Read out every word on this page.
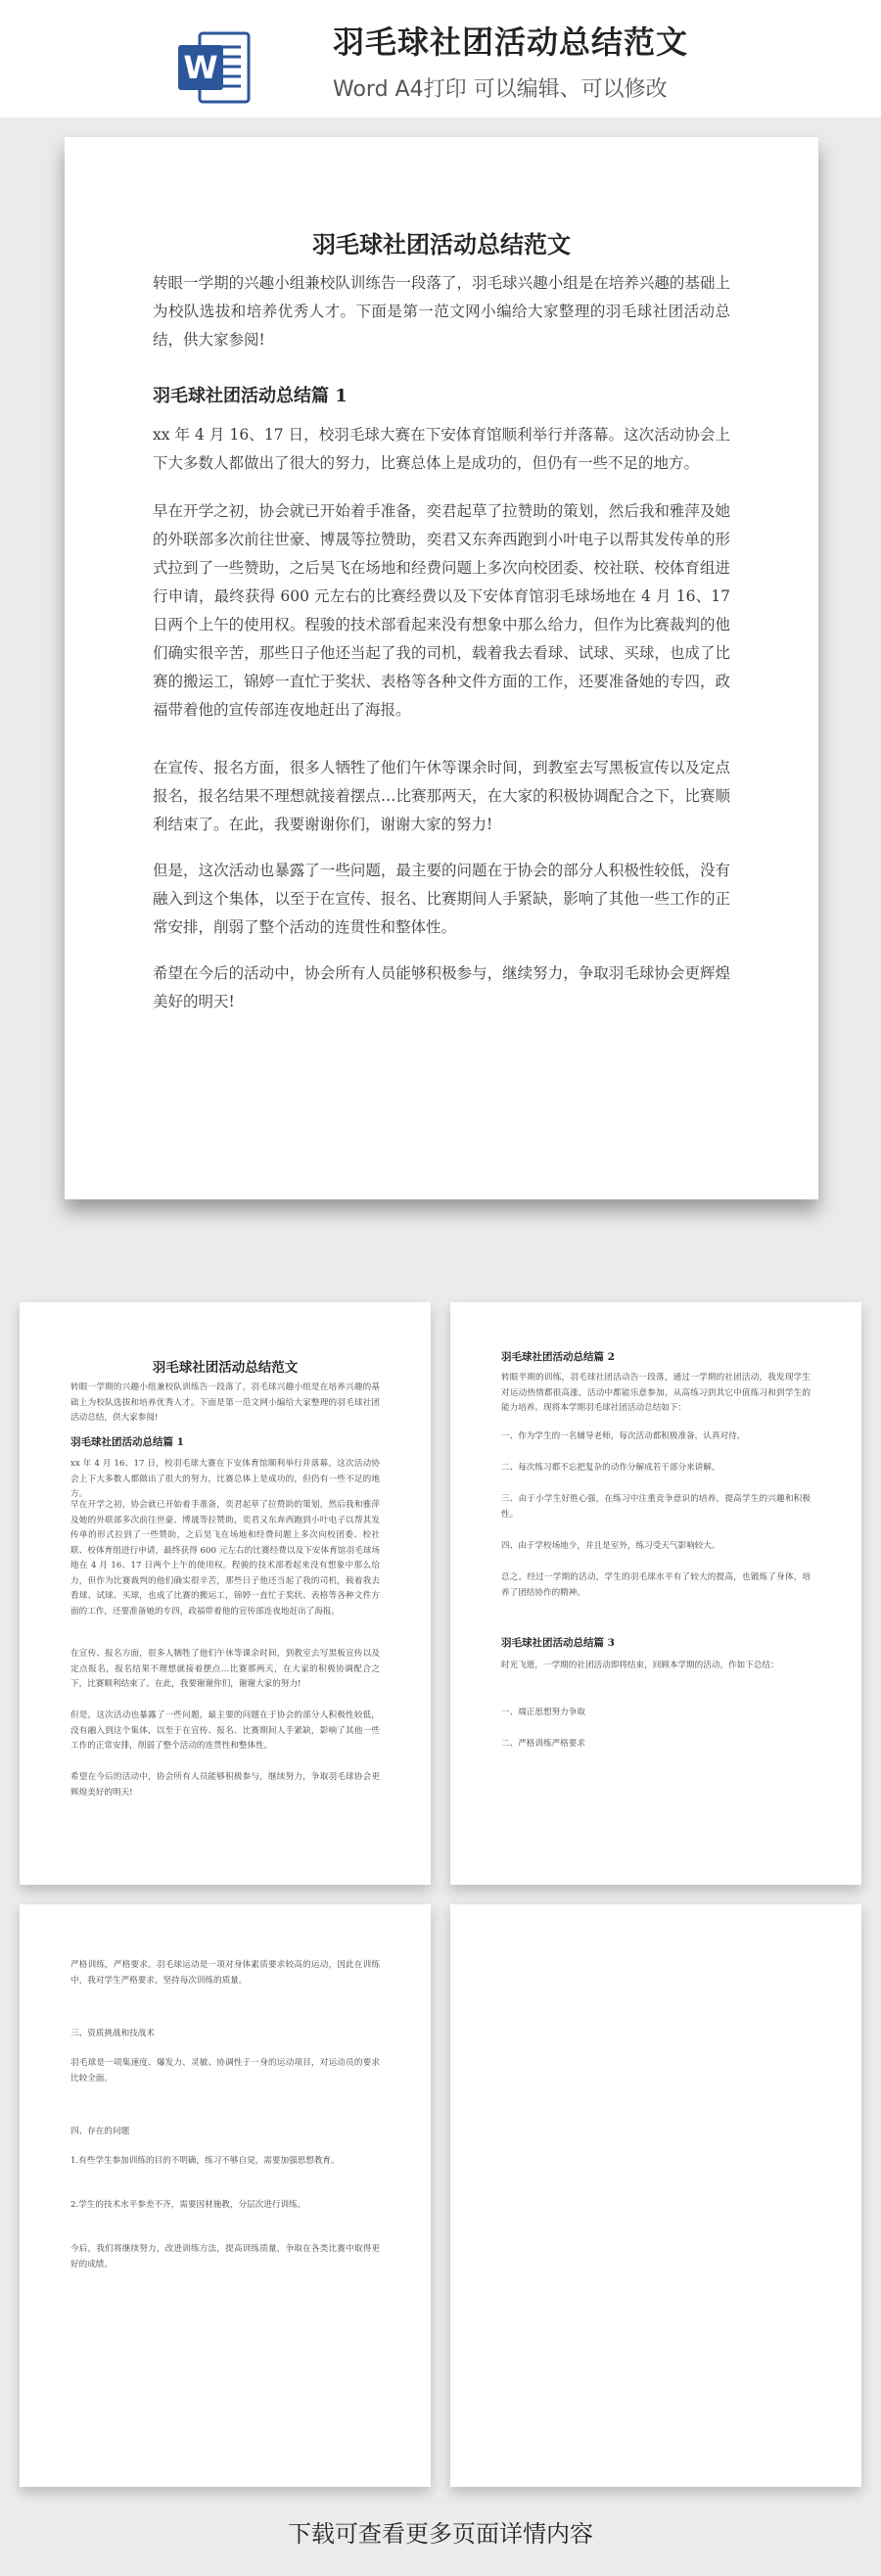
W
羽毛球社团活动总结范文
Word A4打印 可以编辑、可以修改
羽毛球社团活动总结范文
转眼一学期的兴趣小组兼校队训练告一段落了，羽毛球兴趣小组是在培养兴趣的基础上为校队选拔和培养优秀人才。下面是第一范文网小编给大家整理的羽毛球社团活动总结，供大家参阅!
羽毛球社团活动总结篇 1
xx 年 4 月 16、17 日，校羽毛球大赛在下安体育馆顺利举行并落幕。这次活动协会上下大多数人都做出了很大的努力，比赛总体上是成功的，但仍有一些不足的地方。
早在开学之初，协会就已开始着手准备，奕君起草了拉赞助的策划，然后我和雅萍及她的外联部多次前往世豪、博晟等拉赞助，奕君又东奔西跑到小叶电子以帮其发传单的形式拉到了一些赞助，之后昊飞在场地和经费问题上多次向校团委、校社联、校体育组进行申请，最终获得 600 元左右的比赛经费以及下安体育馆羽毛球场地在 4 月 16、17 日两个上午的使用权。程骏的技术部看起来没有想象中那么给力，但作为比赛裁判的他们确实很辛苦，那些日子他还当起了我的司机，载着我去看球、试球、买球，也成了比赛的搬运工，锦婷一直忙于奖状、表格等各种文件方面的工作，还要准备她的专四，政福带着他的宣传部连夜地赶出了海报。
在宣传、报名方面，很多人牺牲了他们午休等课余时间，到教室去写黑板宣传以及定点报名，报名结果不理想就接着摆点…比赛那两天，在大家的积极协调配合之下，比赛顺利结束了。在此，我要谢谢你们，谢谢大家的努力!
但是，这次活动也暴露了一些问题，最主要的问题在于协会的部分人积极性较低，没有融入到这个集体，以至于在宣传、报名、比赛期间人手紧缺，影响了其他一些工作的正常安排，削弱了整个活动的连贯性和整体性。
希望在今后的活动中，协会所有人员能够积极参与，继续努力，争取羽毛球协会更辉煌美好的明天!
羽毛球社团活动总结范文
转眼一学期的兴趣小组兼校队训练告一段落了，羽毛球兴趣小组是在培养兴趣的基础上为校队选拔和培养优秀人才。下面是第一范文网小编给大家整理的羽毛球社团活动总结，供大家参阅!
羽毛球社团活动总结篇 1
xx 年 4 月 16、17 日，校羽毛球大赛在下安体育馆顺利举行并落幕。这次活动协会上下大多数人都做出了很大的努力，比赛总体上是成功的，但仍有一些不足的地方。
早在开学之初，协会就已开始着手准备，奕君起草了拉赞助的策划，然后我和雅萍及她的外联部多次前往世豪、博晟等拉赞助，奕君又东奔西跑到小叶电子以帮其发传单的形式拉到了一些赞助，之后昊飞在场地和经费问题上多次向校团委、校社联、校体育组进行申请，最终获得 600 元左右的比赛经费以及下安体育馆羽毛球场地在 4 月 16、17 日两个上午的使用权。程骏的技术部看起来没有想象中那么给力，但作为比赛裁判的他们确实很辛苦，那些日子他还当起了我的司机，载着我去看球、试球、买球，也成了比赛的搬运工，锦婷一直忙于奖状、表格等各种文件方面的工作，还要准备她的专四，政福带着他的宣传部连夜地赶出了海报。
在宣传、报名方面，很多人牺牲了他们午休等课余时间，到教室去写黑板宣传以及定点报名，报名结果不理想就接着摆点…比赛那两天，在大家的积极协调配合之下，比赛顺利结束了。在此，我要谢谢你们，谢谢大家的努力!
但是，这次活动也暴露了一些问题，最主要的问题在于协会的部分人积极性较低，没有融入到这个集体，以至于在宣传、报名、比赛期间人手紧缺，影响了其他一些工作的正常安排，削弱了整个活动的连贯性和整体性。
希望在今后的活动中，协会所有人员能够积极参与，继续努力，争取羽毛球协会更辉煌美好的明天!
羽毛球社团活动总结篇 2
转眼半期的训练，羽毛球社团活动告一段落，通过一学期的社团活动，我发现学生对运动热情都很高涨，活动中都能乐意参加，从高练习到其它中值练习和到学生的能力培养。现将本学期羽毛球社团活动总结如下：
一、作为学生的一名辅导老师，每次活动都积极准备，认真对待。
二、每次练习都不忘把复杂的动作分解成若干部分来讲解。
三、由于小学生好胜心强，在练习中注重竞争意识的培养，提高学生的兴趣和积极性。
四、由于学校场地少，并且是室外，练习受天气影响较大。
总之，经过一学期的活动，学生的羽毛球水平有了较大的提高，也锻炼了身体，培养了团结协作的精神。
羽毛球社团活动总结篇 3
时光飞逝，一学期的社团活动即将结束，回顾本学期的活动，作如下总结：
一、端正思想努力争取
二、严格训练严格要求
严格训练，严格要求。羽毛球运动是一项对身体素质要求较高的运动，因此在训练中，我对学生严格要求，坚持每次训练的质量。
三、资质挑战和技战术
羽毛球是一项集速度、爆发力、灵敏、协调性于一身的运动项目，对运动员的要求比较全面。
四、存在的问题
1.有些学生参加训练的目的不明确，练习不够自觉，需要加强思想教育。
2.学生的技术水平参差不齐，需要因材施教，分层次进行训练。
今后，我们将继续努力，改进训练方法，提高训练质量，争取在各类比赛中取得更好的成绩。
下载可查看更多页面详情内容
